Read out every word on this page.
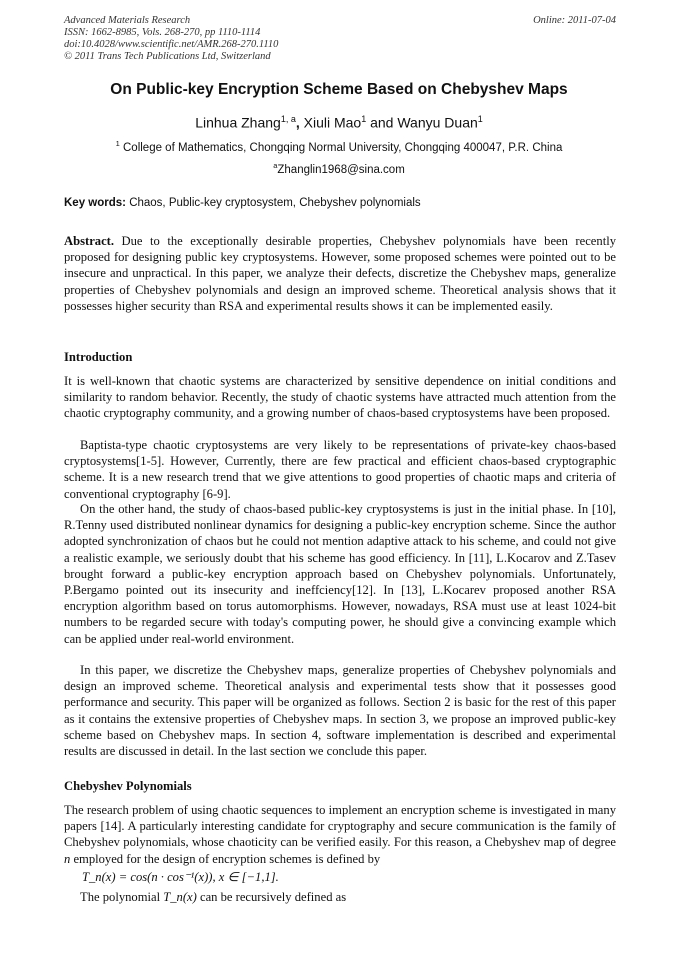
Advanced Materials Research
ISSN: 1662-8985, Vols. 268-270, pp 1110-1114
doi:10.4028/www.scientific.net/AMR.268-270.1110
© 2011 Trans Tech Publications Ltd, Switzerland
Online: 2011-07-04
On Public-key Encryption Scheme Based on Chebyshev Maps
Linhua Zhang$^{1, a}$, Xiuli Mao$^1$ and Wanyu Duan$^1$
$^1$ College of Mathematics, Chongqing Normal University, Chongqing 400047, P.R. China
$^a$Zhanglin1968@sina.com
Key words: Chaos, Public-key cryptosystem, Chebyshev polynomials
Abstract. Due to the exceptionally desirable properties, Chebyshev polynomials have been recently proposed for designing public key cryptosystems. However, some proposed schemes were pointed out to be insecure and unpractical. In this paper, we analyze their defects, discretize the Chebyshev maps, generalize properties of Chebyshev polynomials and design an improved scheme. Theoretical analysis shows that it possesses higher security than RSA and experimental results shows it can be implemented easily.
Introduction
It is well-known that chaotic systems are characterized by sensitive dependence on initial conditions and similarity to random behavior. Recently, the study of chaotic systems have attracted much attention from the chaotic cryptography community, and a growing number of chaos-based cryptosystems have been proposed.
Baptista-type chaotic cryptosystems are very likely to be representations of private-key chaos-based cryptosystems[1-5]. However, Currently, there are few practical and efficient chaos-based cryptographic scheme. It is a new research trend that we give attentions to good properties of chaotic maps and criteria of conventional cryptography [6-9].
On the other hand, the study of chaos-based public-key cryptosystems is just in the initial phase. In [10], R.Tenny used distributed nonlinear dynamics for designing a public-key encryption scheme. Since the author adopted synchronization of chaos but he could not mention adaptive attack to his scheme, and could not give a realistic example, we seriously doubt that his scheme has good efficiency. In [11], L.Kocarov and Z.Tasev brought forward a public-key encryption approach based on Chebyshev polynomials. Unfortunately, P.Bergamo pointed out its insecurity and ineffciency[12]. In [13], L.Kocarev proposed another RSA encryption algorithm based on torus automorphisms. However, nowadays, RSA must use at least 1024-bit numbers to be regarded secure with today's computing power, he should give a convincing example which can be applied under real-world environment.
In this paper, we discretize the Chebyshev maps, generalize properties of Chebyshev polynomials and design an improved scheme. Theoretical analysis and experimental tests show that it possesses good performance and security. This paper will be organized as follows. Section 2 is basic for the rest of this paper as it contains the extensive properties of Chebyshev maps. In section 3, we propose an improved public-key scheme based on Chebyshev maps. In section 4, software implementation is described and experimental results are discussed in detail. In the last section we conclude this paper.
Chebyshev Polynomials
The research problem of using chaotic sequences to implement an encryption scheme is investigated in many papers [14]. A particularly interesting candidate for cryptography and secure communication is the family of Chebyshev polynomials, whose chaoticity can be verified easily. For this reason, a Chebyshev map of degree n employed for the design of encryption schemes is defined by
T_n(x) = cos(n · cos⁻¹(x)), x ∈ [−1,1].
The polynomial T_n(x) can be recursively defined as
